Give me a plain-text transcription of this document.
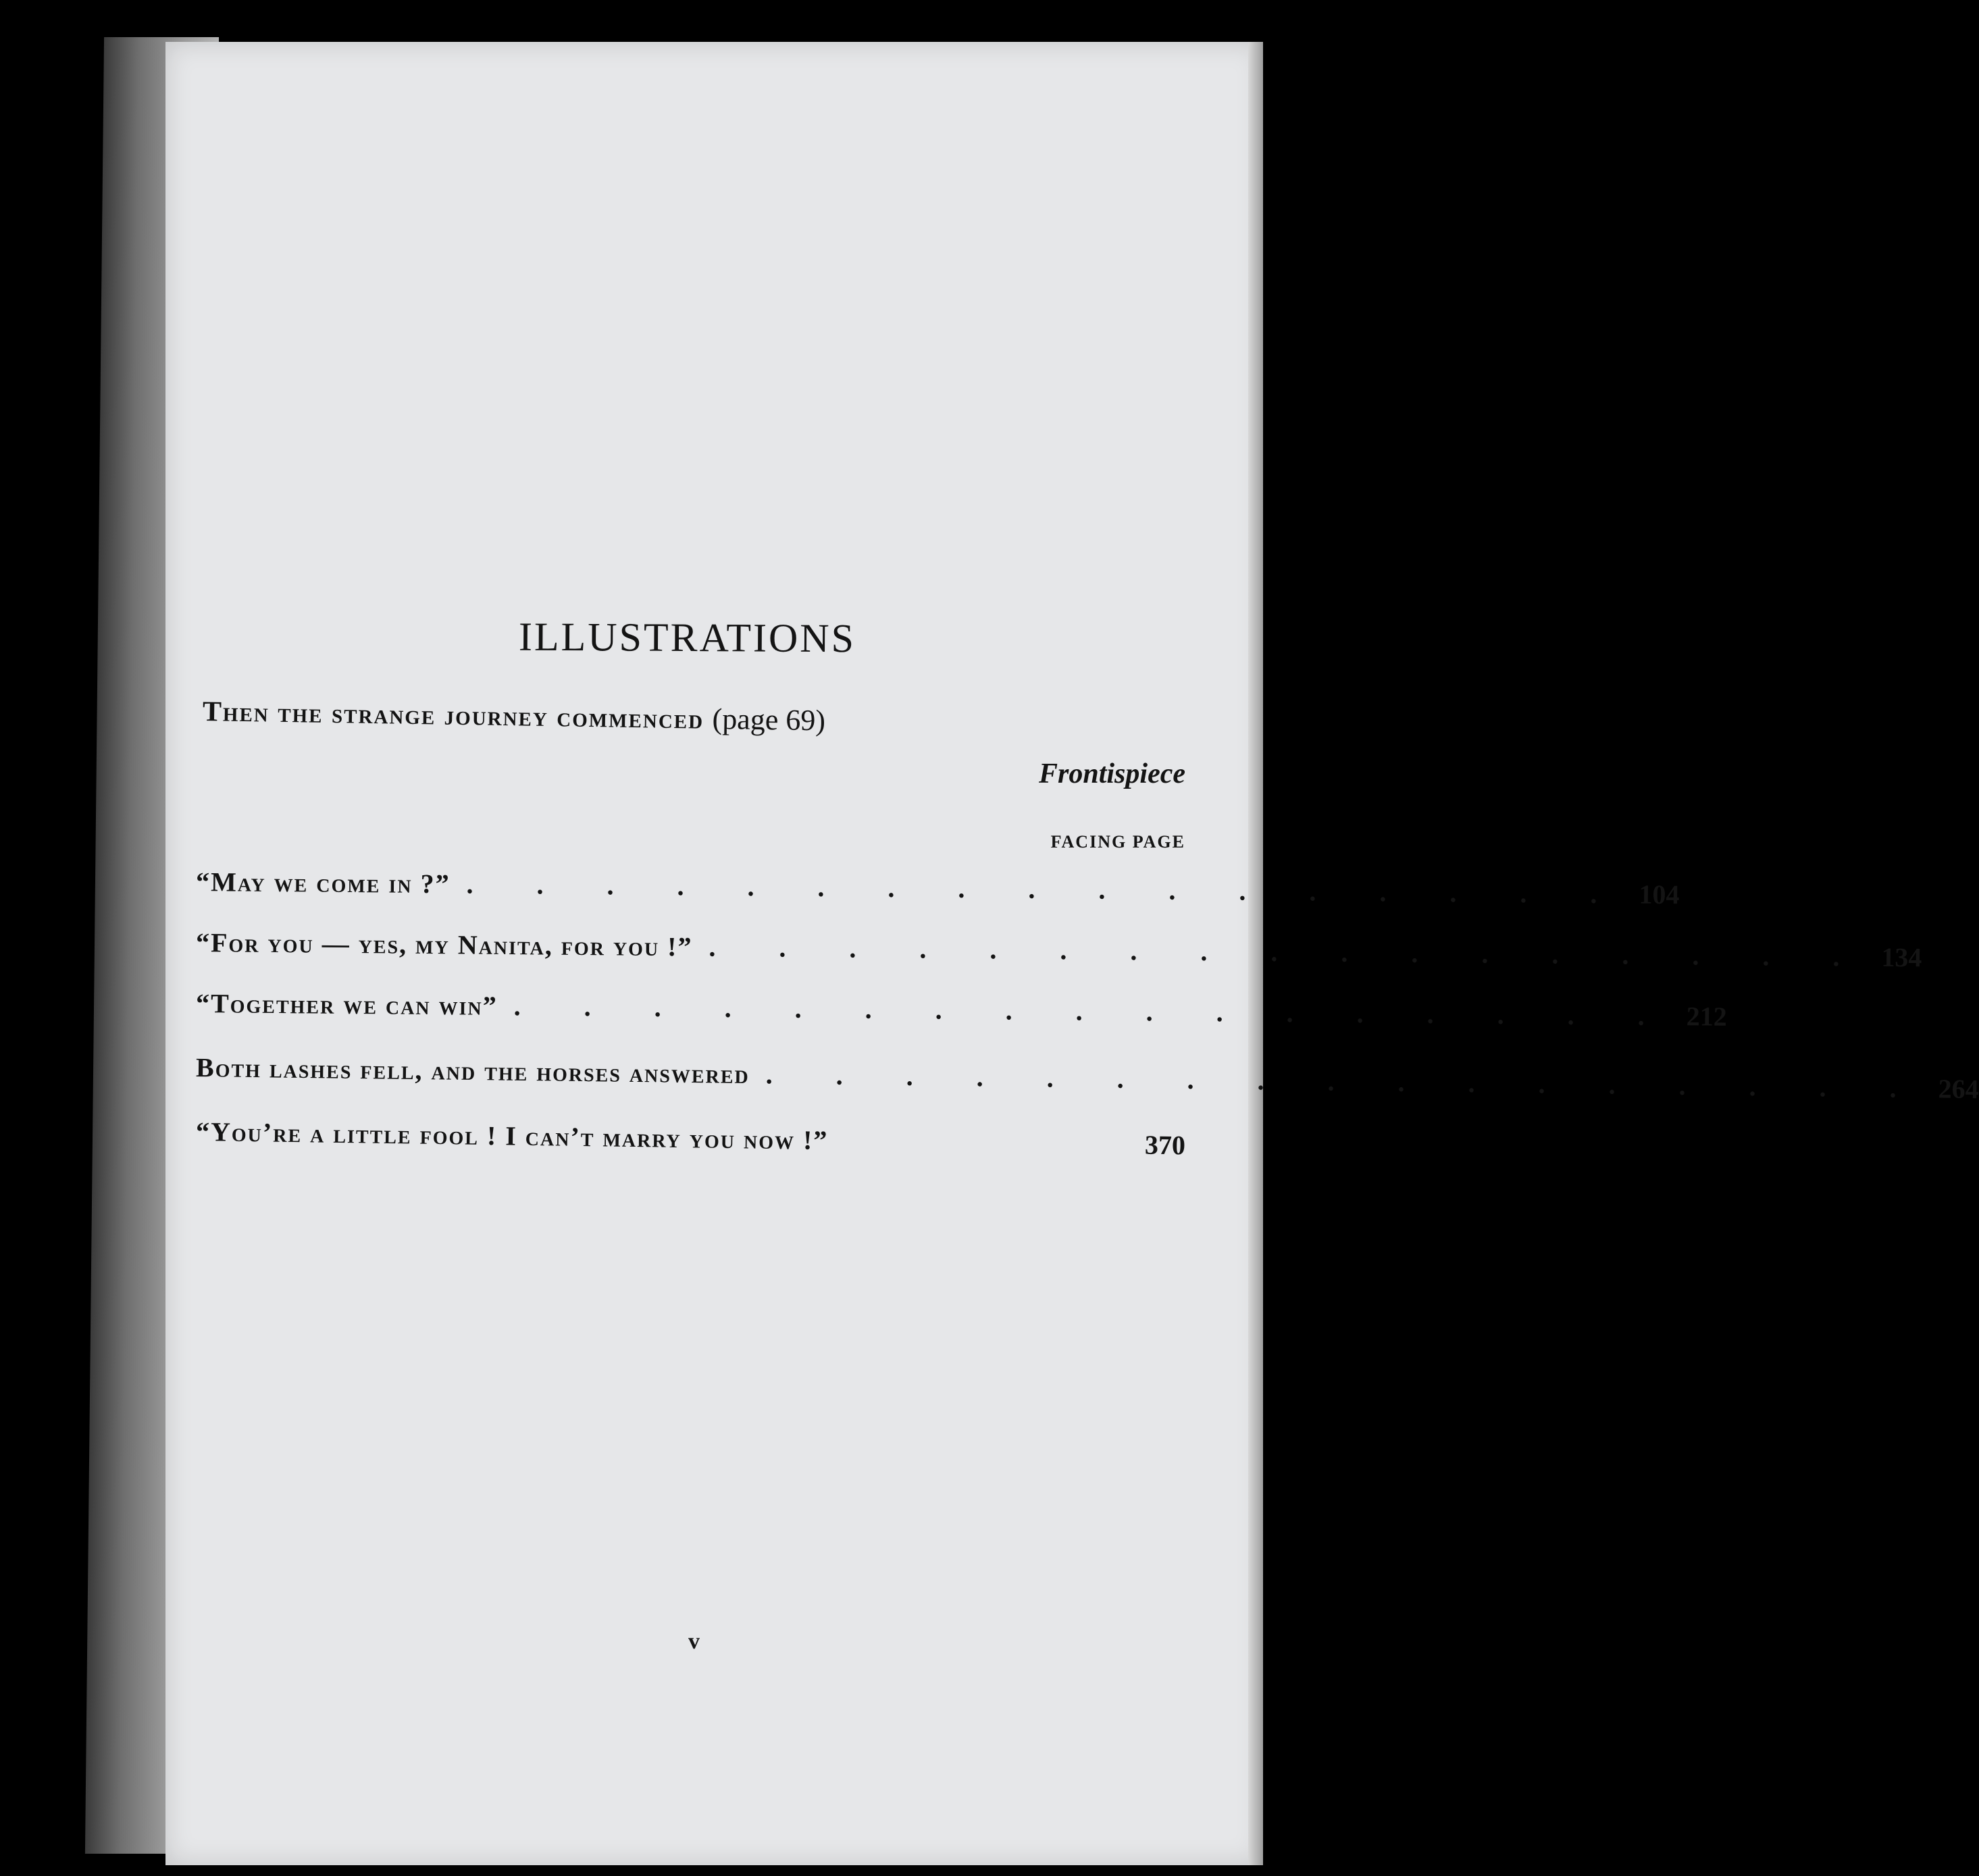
ILLUSTRATIONS
Then the strange journey commenced (page 69)
Frontispiece
FACING PAGE
“May we come in ?” . . . . . . . . . . . . . . . . . 104
“For you — yes, my Nanita, for you !” . . . . . . . . . . . . . . . . . 134
“Together we can win” . . . . . . . . . . . . . . . . . 212
Both lashes fell, and the horses answered . . . . . . . . . . . . . . . . . 264
“You’re a little fool ! I can’t marry you now !”	370
v
